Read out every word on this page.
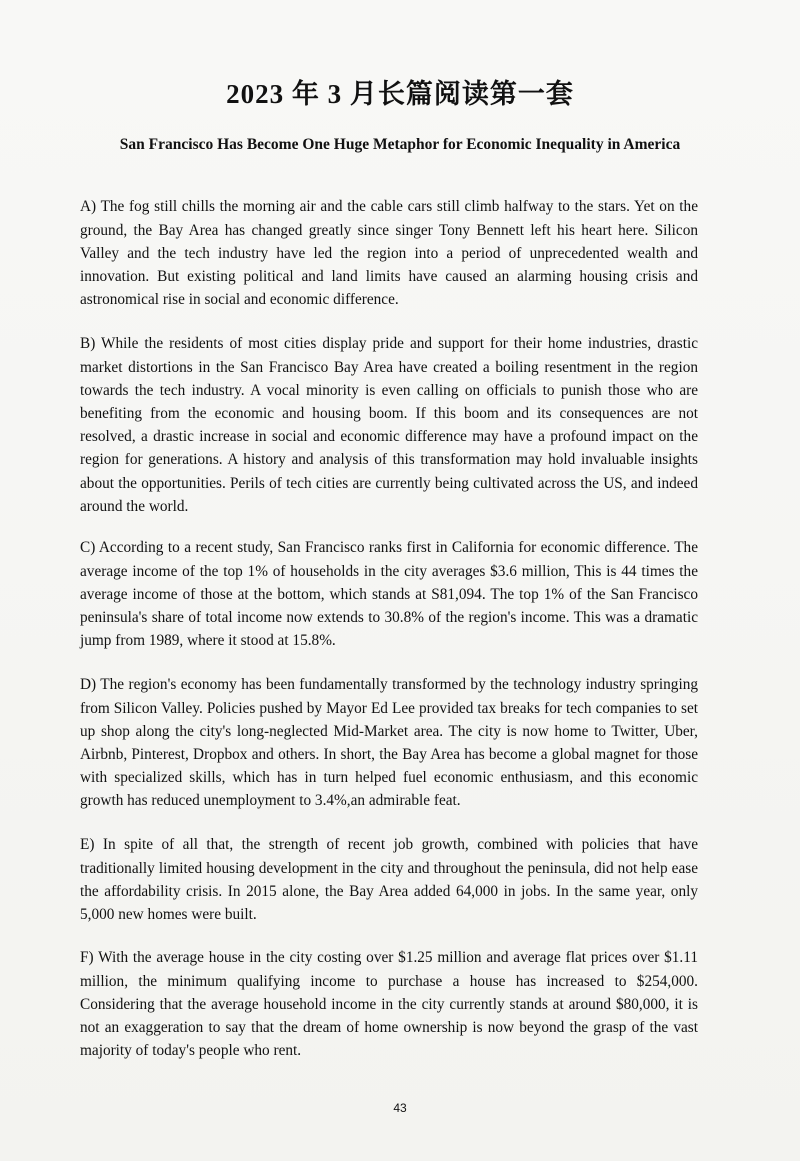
2023 年 3 月长篇阅读第一套
San Francisco Has Become One Huge Metaphor for Economic Inequality in America

A) The fog still chills the morning air and the cable cars still climb halfway to the stars. Yet on the ground, the Bay Area has changed greatly since singer Tony Bennett left his heart here. Silicon Valley and the tech industry have led the region into a period of unprecedented wealth and innovation. But existing political and land limits have caused an alarming housing crisis and astronomical rise in social and economic difference.

B) While the residents of most cities display pride and support for their home industries, drastic market distortions in the San Francisco Bay Area have created a boiling resentment in the region towards the tech industry. A vocal minority is even calling on officials to punish those who are benefiting from the economic and housing boom. If this boom and its consequences are not resolved, a drastic increase in social and economic difference may have a profound impact on the region for generations. A history and analysis of this transformation may hold invaluable insights about the opportunities. Perils of tech cities are currently being cultivated across the US, and indeed around the world.

C) According to a recent study, San Francisco ranks first in California for economic difference. The average income of the top 1% of households in the city averages $3.6 million, This is 44 times the average income of those at the bottom, which stands at S81,094. The top 1% of the San Francisco peninsula's share of total income now extends to 30.8% of the region's income. This was a dramatic jump from 1989, where it stood at 15.8%.

D) The region's economy has been fundamentally transformed by the technology industry springing from Silicon Valley. Policies pushed by Mayor Ed Lee provided tax breaks for tech companies to set up shop along the city's long-neglected Mid-Market area. The city is now home to Twitter, Uber, Airbnb, Pinterest, Dropbox and others. In short, the Bay Area has become a global magnet for those with specialized skills, which has in turn helped fuel economic enthusiasm, and this economic growth has reduced unemployment to 3.4%,an admirable feat.

E) In spite of all that, the strength of recent job growth, combined with policies that have traditionally limited housing development in the city and throughout the peninsula, did not help ease the affordability crisis. In 2015 alone, the Bay Area added 64,000 in jobs. In the same year, only 5,000 new homes were built.

F) With the average house in the city costing over $1.25 million and average flat prices over $1.11 million, the minimum qualifying income to purchase a house has increased to $254,000. Considering that the average household income in the city currently stands at around $80,000, it is not an exaggeration to say that the dream of home ownership is now beyond the grasp of the vast majority of today's people who rent.

43
